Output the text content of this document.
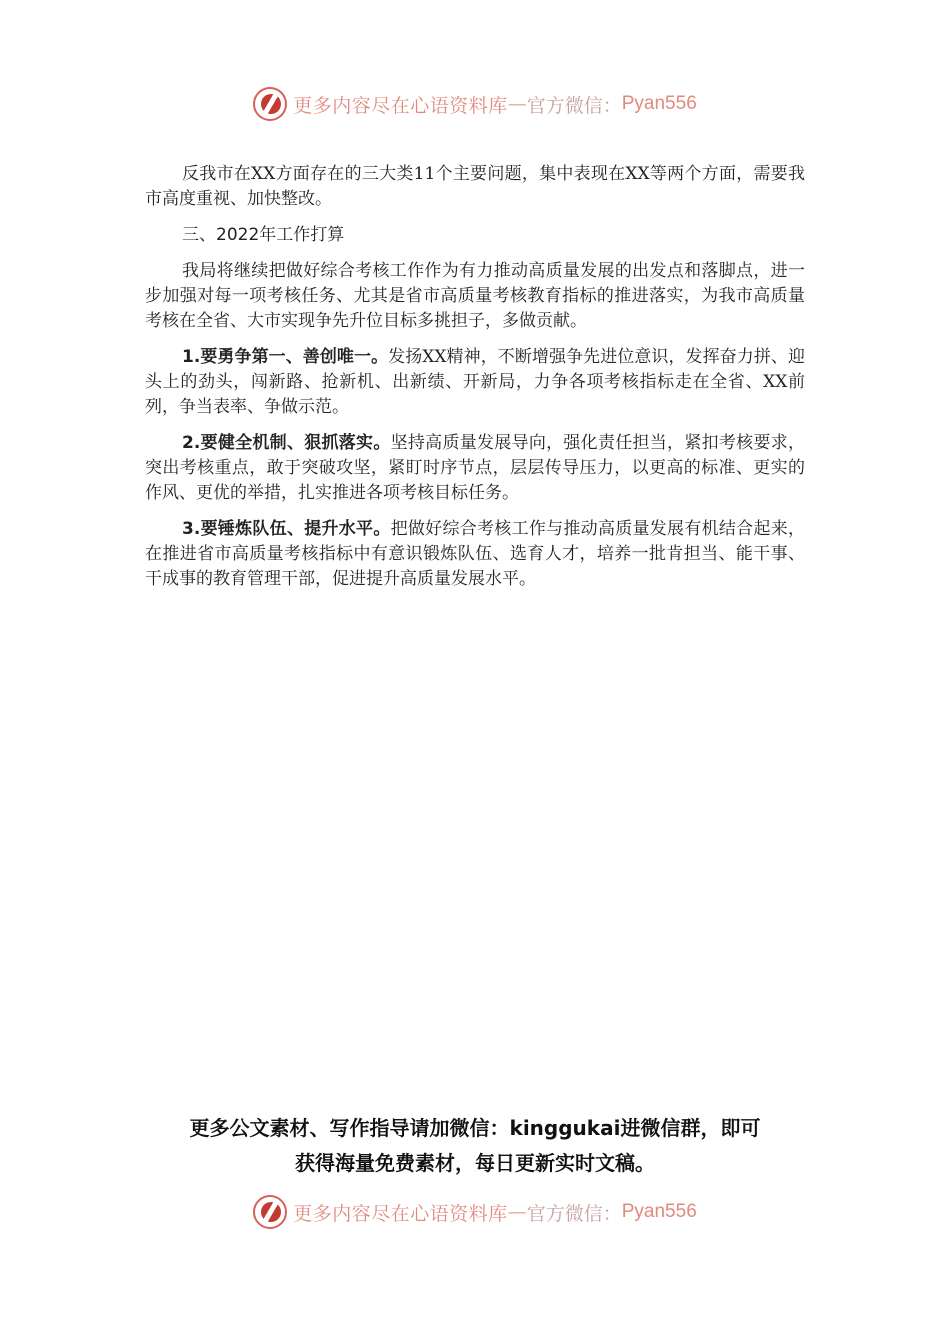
更多内容尽在心语资料库 — 官方微信： Pyan556

反我市在XX方面存在的三大类11个主要问题，集中表现在XX等两个方面，需要我市高度重视、加快整改。

三、2022年工作打算

我局将继续把做好综合考核工作作为有力推动高质量发展的出发点和落脚点，进一步加强对每一项考核任务、尤其是省市高质量考核教育指标的推进落实，为我市高质量考核在全省、大市实现争先升位目标多挑担子，多做贡献。

1.要勇争第一、善创唯一。发扬XX精神，不断增强争先进位意识，发挥奋力拼、迎头上的劲头，闯新路、抢新机、出新绩、开新局，力争各项考核指标走在全省、XX前列，争当表率、争做示范。

2.要健全机制、狠抓落实。坚持高质量发展导向，强化责任担当，紧扣考核要求，突出考核重点，敢于突破攻坚，紧盯时序节点，层层传导压力，以更高的标准、更实的作风、更优的举措，扎实推进各项考核目标任务。

3.要锤炼队伍、提升水平。把做好综合考核工作与推动高质量发展有机结合起来，在推进省市高质量考核指标中有意识锻炼队伍、选育人才，培养一批肯担当、能干事、干成事的教育管理干部，促进提升高质量发展水平。

更多公文素材、写作指导请加微信：kinggukai进微信群，即可
获得海量免费素材，每日更新实时文稿。
更多内容尽在心语资料库 — 官方微信： Pyan556
